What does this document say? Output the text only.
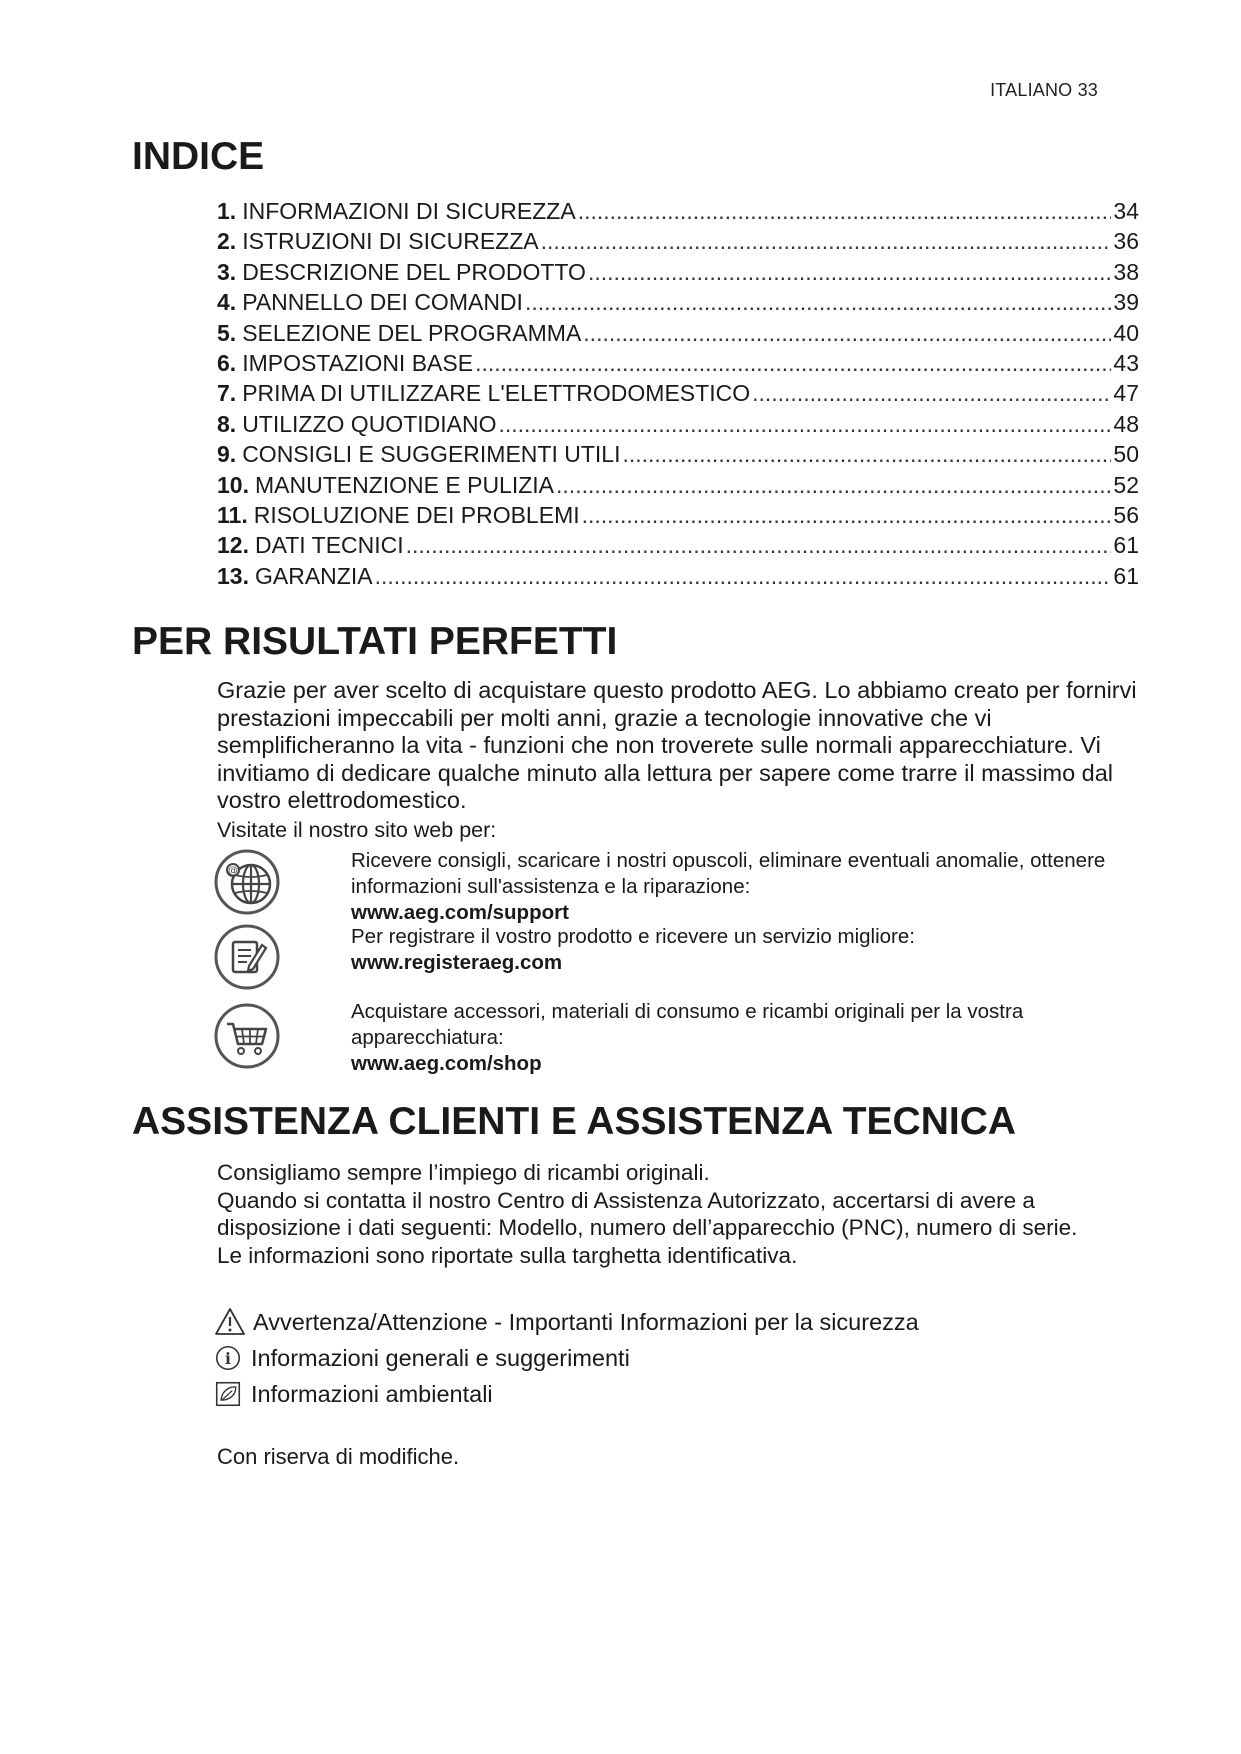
ITALIANO 33
INDICE
1. INFORMAZIONI DI SICUREZZA .....	34
2. ISTRUZIONI DI SICUREZZA .....	36
3. DESCRIZIONE DEL PRODOTTO .....	38
4. PANNELLO DEI COMANDI .....	39
5. SELEZIONE DEL PROGRAMMA .....	40
6. IMPOSTAZIONI BASE .....	43
7. PRIMA DI UTILIZZARE L'ELETTRODOMESTICO .....	47
8. UTILIZZO QUOTIDIANO .....	48
9. CONSIGLI E SUGGERIMENTI UTILI .....	50
10. MANUTENZIONE E PULIZIA .....	52
11. RISOLUZIONE DEI PROBLEMI .....	56
12. DATI TECNICI .....	61
13. GARANZIA .....	61
PER RISULTATI PERFETTI

Grazie per aver scelto di acquistare questo prodotto AEG. Lo abbiamo creato per fornirvi prestazioni impeccabili per molti anni, grazie a tecnologie innovative che vi semplificheranno la vita - funzioni che non troverete sulle normali apparecchiature. Vi invitiamo di dedicare qualche minuto alla lettura per sapere come trarre il massimo dal vostro elettrodomestico.

Visitate il nostro sito web per:

@	Ricevere consigli, scaricare i nostri opuscoli, eliminare eventuali anomalie, ottenere informazioni sull'assistenza e la riparazione:
www.aeg.com/support
Per registrare il vostro prodotto e ricevere un servizio migliore:
www.registeraeg.com
Acquistare accessori, materiali di consumo e ricambi originali per la vostra apparecchiatura:
www.aeg.com/shop
ASSISTENZA CLIENTI E ASSISTENZA TECNICA

Consigliamo sempre l’impiego di ricambi originali.

Quando si contatta il nostro Centro di Assistenza Autorizzato, accertarsi di avere a disposizione i dati seguenti: Modello, numero dell’apparecchio (PNC), numero di serie.

Le informazioni sono riportate sulla targhetta identificativa.

Avvertenza/Attenzione - Importanti Informazioni per la sicurezza
i Informazioni generali e suggerimenti
Informazioni ambientali
Con riserva di modifiche.
